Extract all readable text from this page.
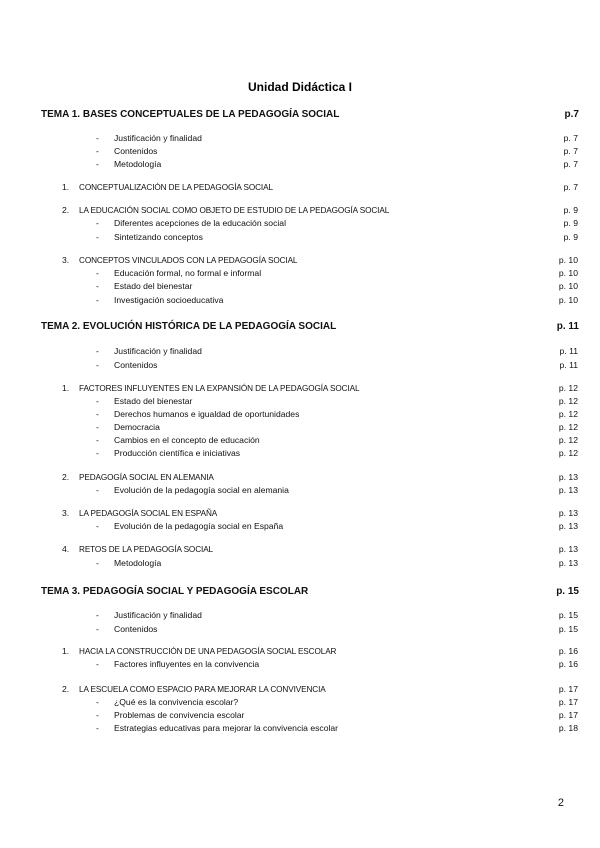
Unidad Didáctica I
TEMA 1. BASES CONCEPTUALES DE LA PEDAGOGÍA SOCIAL	p.7
- Justificación y finalidad	p. 7
- Contenidos	p. 7
- Metodología	p. 7
1. CONCEPTUALIZACIÓN DE LA PEDAGOGÍA SOCIAL	p. 7
2. LA EDUCACIÓN SOCIAL COMO OBJETO DE ESTUDIO DE LA PEDAGOGÍA SOCIAL	p. 9
- Diferentes acepciones de la educación social	p. 9
- Sintetizando conceptos	p. 9
3. CONCEPTOS VINCULADOS CON LA PEDAGOGÍA SOCIAL	p. 10
- Educación formal, no formal e informal	p. 10
- Estado del bienestar	p. 10
- Investigación socioeducativa	p. 10
TEMA 2. EVOLUCIÓN HISTÓRICA DE LA PEDAGOGÍA SOCIAL	p. 11
- Justificación y finalidad	p. 11
- Contenidos	p. 11
1. FACTORES INFLUYENTES EN LA EXPANSIÓN DE LA PEDAGOGÍA SOCIAL	p. 12
- Estado del bienestar	p. 12
- Derechos humanos e igualdad de oportunidades	p. 12
- Democracia	p. 12
- Cambios en el concepto de educación	p. 12
- Producción científica e iniciativas	p. 12
2. PEDAGOGÍA SOCIAL EN ALEMANIA	p. 13
- Evolución de la pedagogía social en alemania	p. 13
3. LA PEDAGOGÍA SOCIAL EN ESPAÑA	p. 13
- Evolución de la pedagogía social en España	p. 13
4. RETOS DE LA PEDAGOGÍA SOCIAL	p. 13
- Metodología	p. 13
TEMA 3. PEDAGOGÍA SOCIAL Y PEDAGOGÍA ESCOLAR	p. 15
- Justificación y finalidad	p. 15
- Contenidos	p. 15
1. HACIA LA CONSTRUCCIÓN DE UNA PEDAGOGÍA SOCIAL ESCOLAR	p. 16
- Factores influyentes en la convivencia	p. 16
2. LA ESCUELA COMO ESPACIO PARA MEJORAR LA CONVIVENCIA	p. 17
- ¿Qué es la convivencia escolar?	p. 17
- Problemas de convivencia escolar	p. 17
- Estrategias educativas para mejorar la convivencia escolar	p. 18
2
